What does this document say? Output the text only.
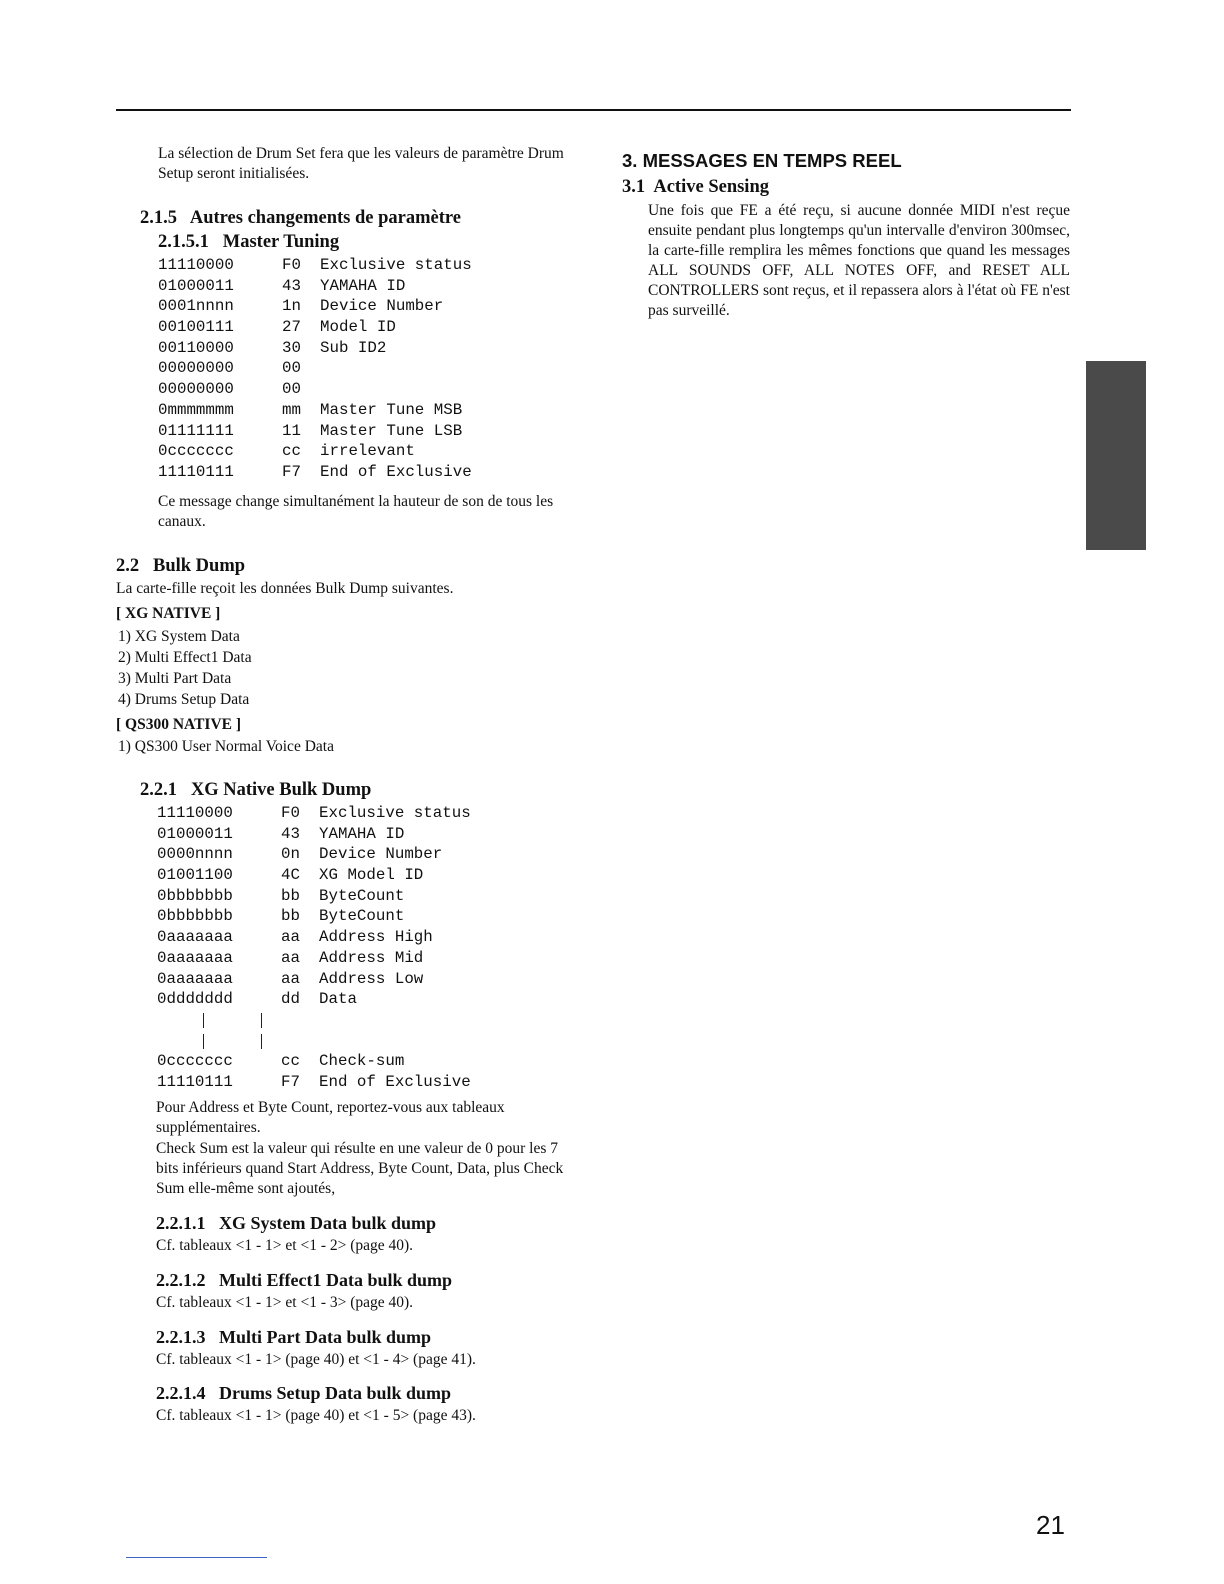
La sélection de Drum Set fera que les valeurs de paramètre Drum Setup seront initialisées.

2.1.5 Autres changements de paramètre
2.1.5.1 Master Tuning
11110000	F0 Exclusive status
01000011	43 YAMAHA ID
0001nnnn	1n Device Number
00100111	27 Model ID
00110000	30 Sub ID2
00000000	00
00000000	00
0mmmmmmm	mm Master Tune MSB
01111111	11 Master Tune LSB
0ccccccc	cc irrelevant
11110111	F7 End of Exclusive

Ce message change simultanément la hauteur de son de tous les canaux.

2.2 Bulk Dump

La carte-fille reçoit les données Bulk Dump suivantes.

[ XG NATIVE ]

1) XG System Data
2) Multi Effect1 Data
3) Multi Part Data
4) Drums Setup Data

[ QS300 NATIVE ]

1) QS300 User Normal Voice Data
2.2.1 XG Native Bulk Dump
11110000	F0 Exclusive status
01000011	43 YAMAHA ID
0000nnnn	0n Device Number
01001100	4C XG Model ID
0bbbbbbb	bb ByteCount
0bbbbbbb	bb ByteCount
0aaaaaaa	aa Address High
0aaaaaaa	aa Address Mid
0aaaaaaa	aa Address Low
0ddddddd	dd Data
0ccccccc	cc Check-sum
11110111	F7 End of Exclusive

Pour Address et Byte Count, reportez-vous aux tableaux supplémentaires.

Check Sum est la valeur qui résulte en une valeur de 0 pour les 7 bits inférieurs quand Start Address, Byte Count, Data, plus Check Sum elle-même sont ajoutés,

2.2.1.1 XG System Data bulk dump

Cf. tableaux <1 - 1> et <1 - 2> (page 40).

2.2.1.2 Multi Effect1 Data bulk dump

Cf. tableaux <1 - 1> et <1 - 3> (page 40).

2.2.1.3 Multi Part Data bulk dump

Cf. tableaux <1 - 1> (page 40) et <1 - 4> (page 41).

2.2.1.4 Drums Setup Data bulk dump

Cf. tableaux <1 - 1> (page 40) et <1 - 5> (page 43).

3. MESSAGES EN TEMPS REEL
3.1 Active Sensing

Une fois que FE a été reçu, si aucune donnée MIDI n'est reçue ensuite pendant plus longtemps qu'un intervalle d'environ 300msec, la carte-fille remplira les mêmes fonctions que quand les messages ALL SOUNDS OFF, ALL NOTES OFF, and RESET ALL CONTROLLERS sont reçus, et il repassera alors à l'état où FE n'est pas surveillé.

21
